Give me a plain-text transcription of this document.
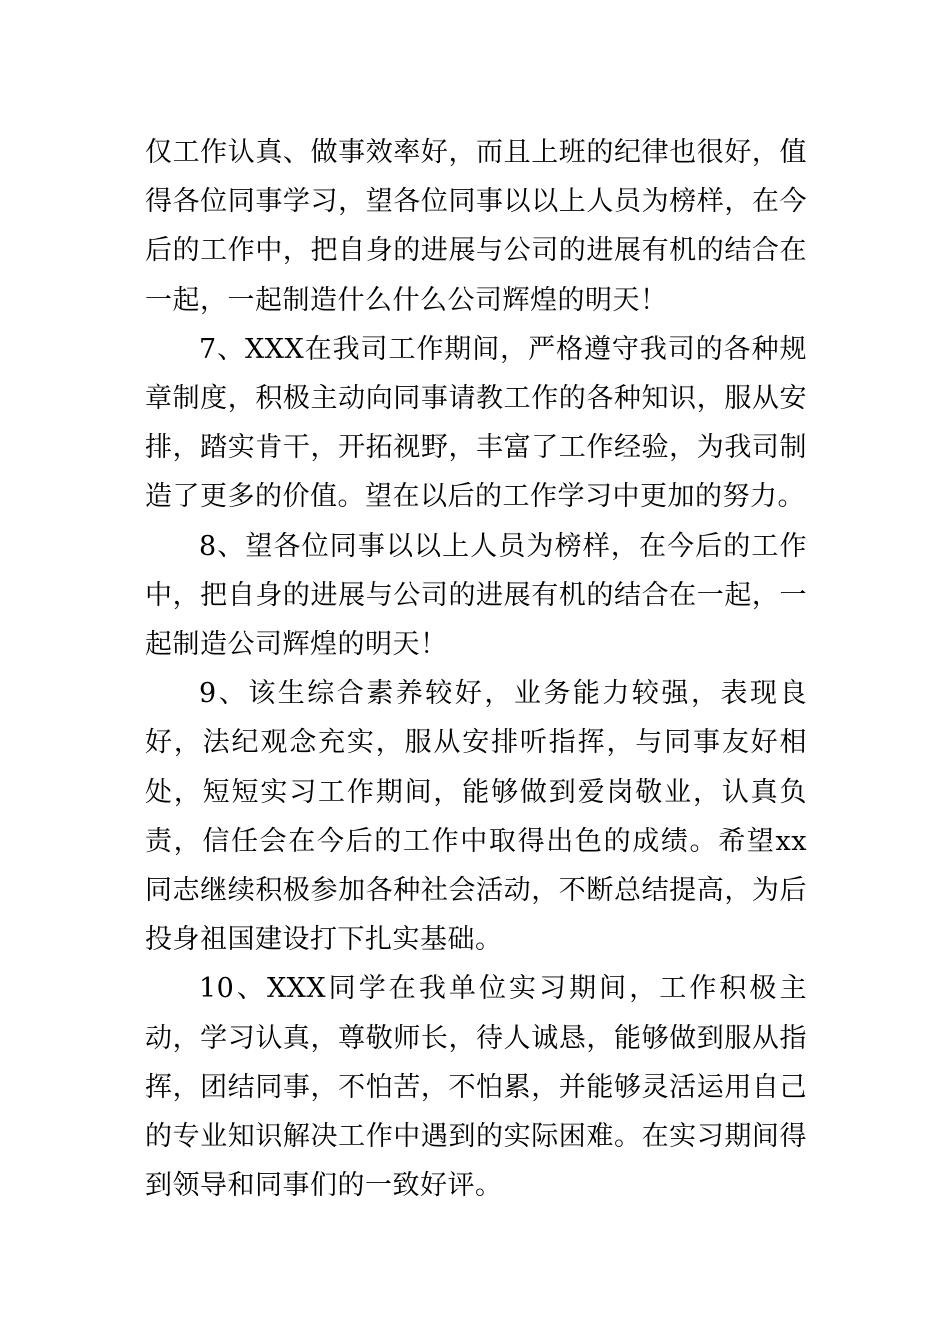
仅工作认真、做事效率好，而且上班的纪律也很好，值得各位同事学习，望各位同事以以上人员为榜样，在今后的工作中，把自身的进展与公司的进展有机的结合在一起，一起制造什么什么公司辉煌的明天！

7、XXX在我司工作期间，严格遵守我司的各种规章制度，积极主动向同事请教工作的各种知识，服从安排，踏实肯干，开拓视野，丰富了工作经验，为我司制造了更多的价值。望在以后的工作学习中更加的努力。

8、望各位同事以以上人员为榜样，在今后的工作中，把自身的进展与公司的进展有机的结合在一起，一起制造公司辉煌的明天！

9、该生综合素养较好，业务能力较强，表现良好，法纪观念充实，服从安排听指挥，与同事友好相处，短短实习工作期间，能够做到爱岗敬业，认真负责，信任会在今后的工作中取得出色的成绩。希望xx同志继续积极参加各种社会活动，不断总结提高，为后投身祖国建设打下扎实基础。

10、XXX同学在我单位实习期间，工作积极主动，学习认真，尊敬师长，待人诚恳，能够做到服从指挥，团结同事，不怕苦，不怕累，并能够灵活运用自己的专业知识解决工作中遇到的实际困难。在实习期间得到领导和同事们的一致好评。
